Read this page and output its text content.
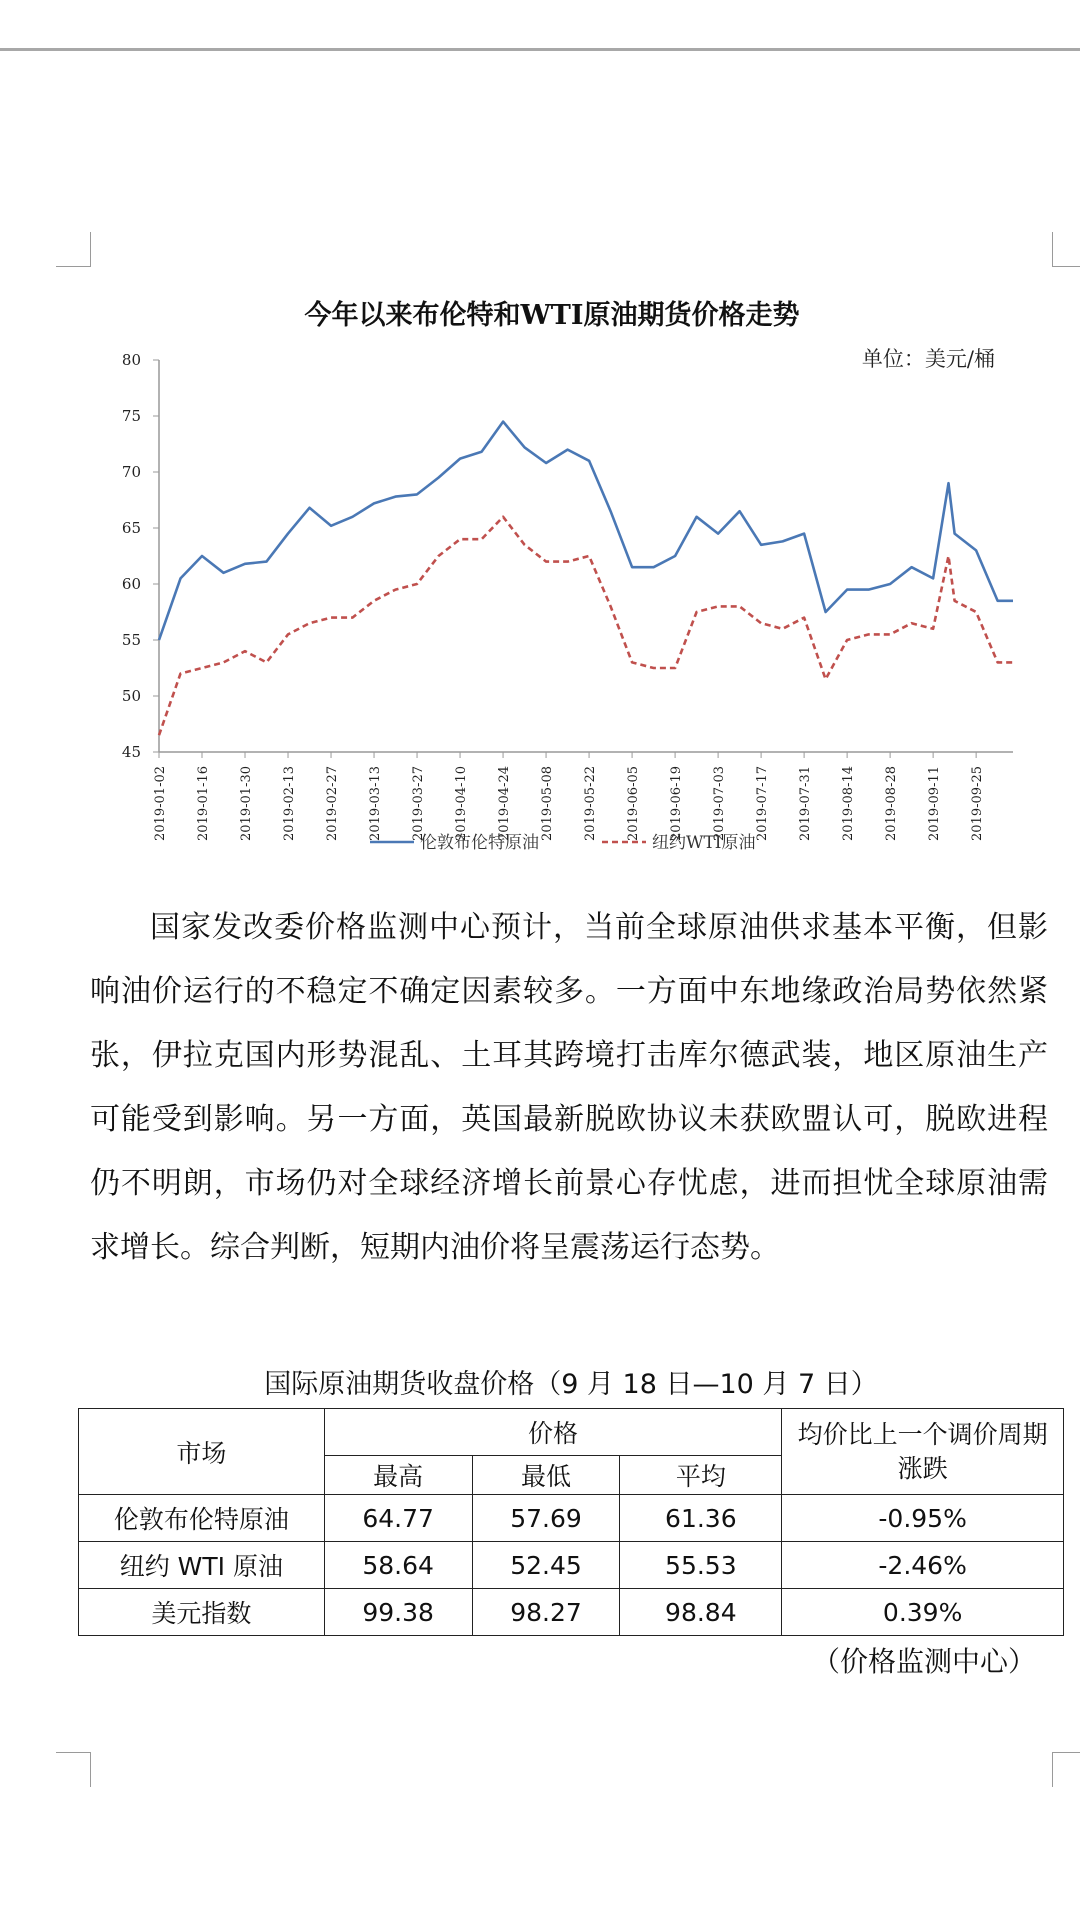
今年以来布伦特和WTI原油期货价格走势
单位：美元/桶
45
50
55
60
65
70
75
80
2019-01-02 2019-01-16 2019-01-30 2019-02-13 2019-02-27 2019-03-13 2019-03-27 2019-04-10 2019-04-24 2019-05-08 2019-05-22 2019-06-05 2019-06-19 2019-07-03 2019-07-17 2019-07-31 2019-08-14 2019-08-28 2019-09-11 2019-09-25
伦敦布伦特原油	纽约WTI原油
国家发改委价格监测中心预计，当前全球原油供求基本平衡，但影响油价运行的不稳定不确定因素较多。一方面中东地缘政治局势依然紧张，伊拉克国内形势混乱、土耳其跨境打击库尔德武装，地区原油生产可能受到影响。另一方面，英国最新脱欧协议未获欧盟认可，脱欧进程仍不明朗，市场仍对全球经济增长前景心存忧虑，进而担忧全球原油需求增长。综合判断，短期内油价将呈震荡运行态势。
国际原油期货收盘价格（9 月 18 日—10 月 7 日）
市场	价格			均价比上一个调价周期涨跌
	最高	最低	平均	
伦敦布伦特原油	64.77	57.69	61.36	-0.95%
纽约 WTI 原油	58.64	52.45	55.53	-2.46%
美元指数	99.38	98.27	98.84	0.39%
（价格监测中心）
